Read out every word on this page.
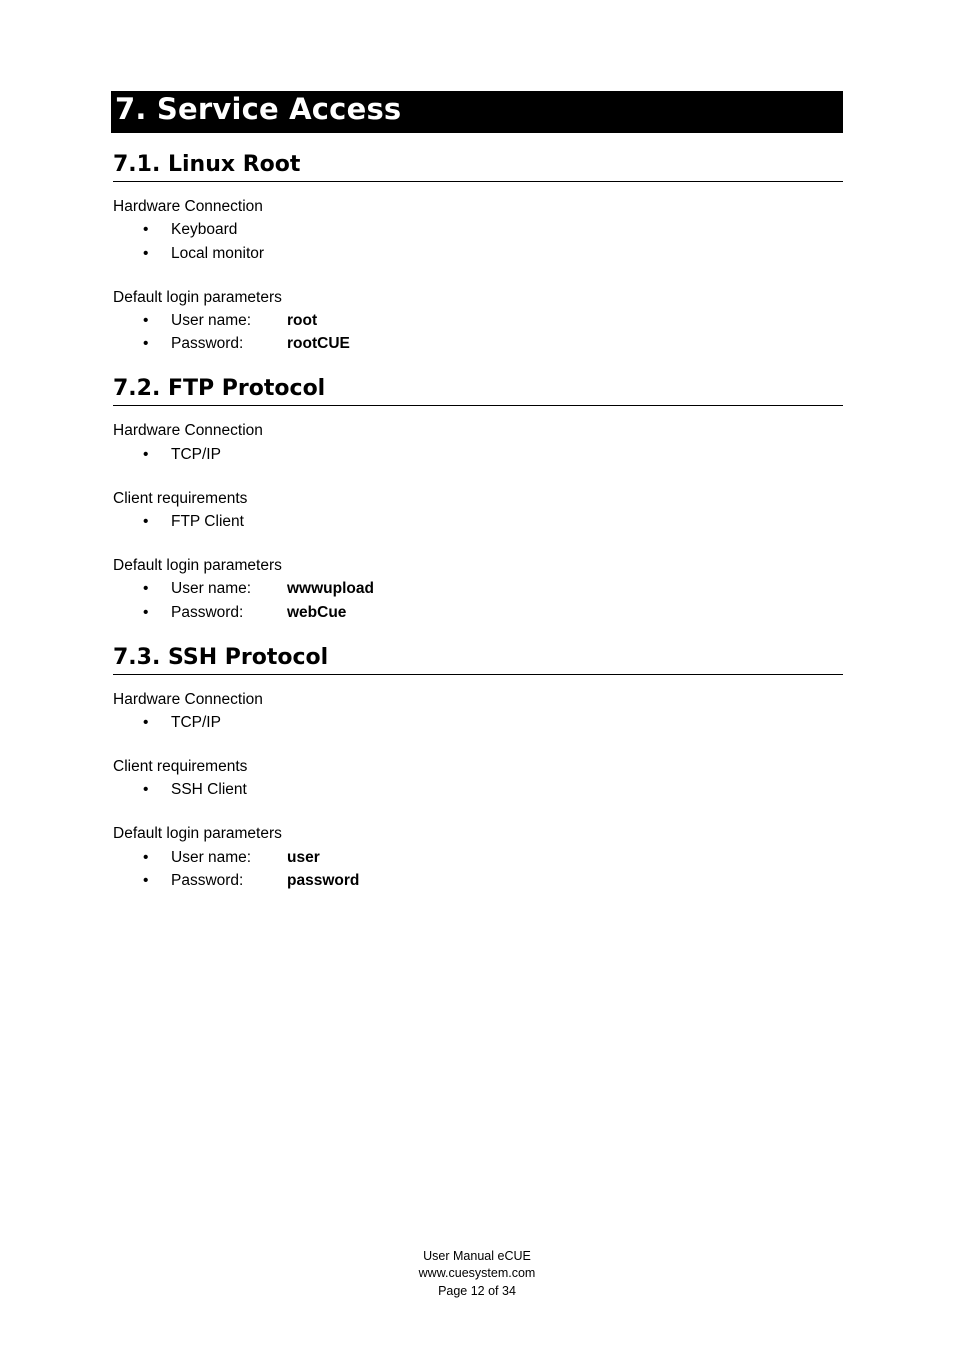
7. Service Access
7.1. Linux Root
Hardware Connection
• Keyboard
• Local monitor
Default login parameters
• User name: root
• Password:	rootCUE
7.2. FTP Protocol
Hardware Connection
• TCP/IP
Client requirements
• FTP Client
Default login parameters
• User name: wwwupload
• Password:	webCue
7.3. SSH Protocol
Hardware Connection
• TCP/IP
Client requirements
• SSH Client
Default login parameters
• User name: user
• Password:	password
User Manual eCUE
www.cuesystem.com
Page 12 of 34
